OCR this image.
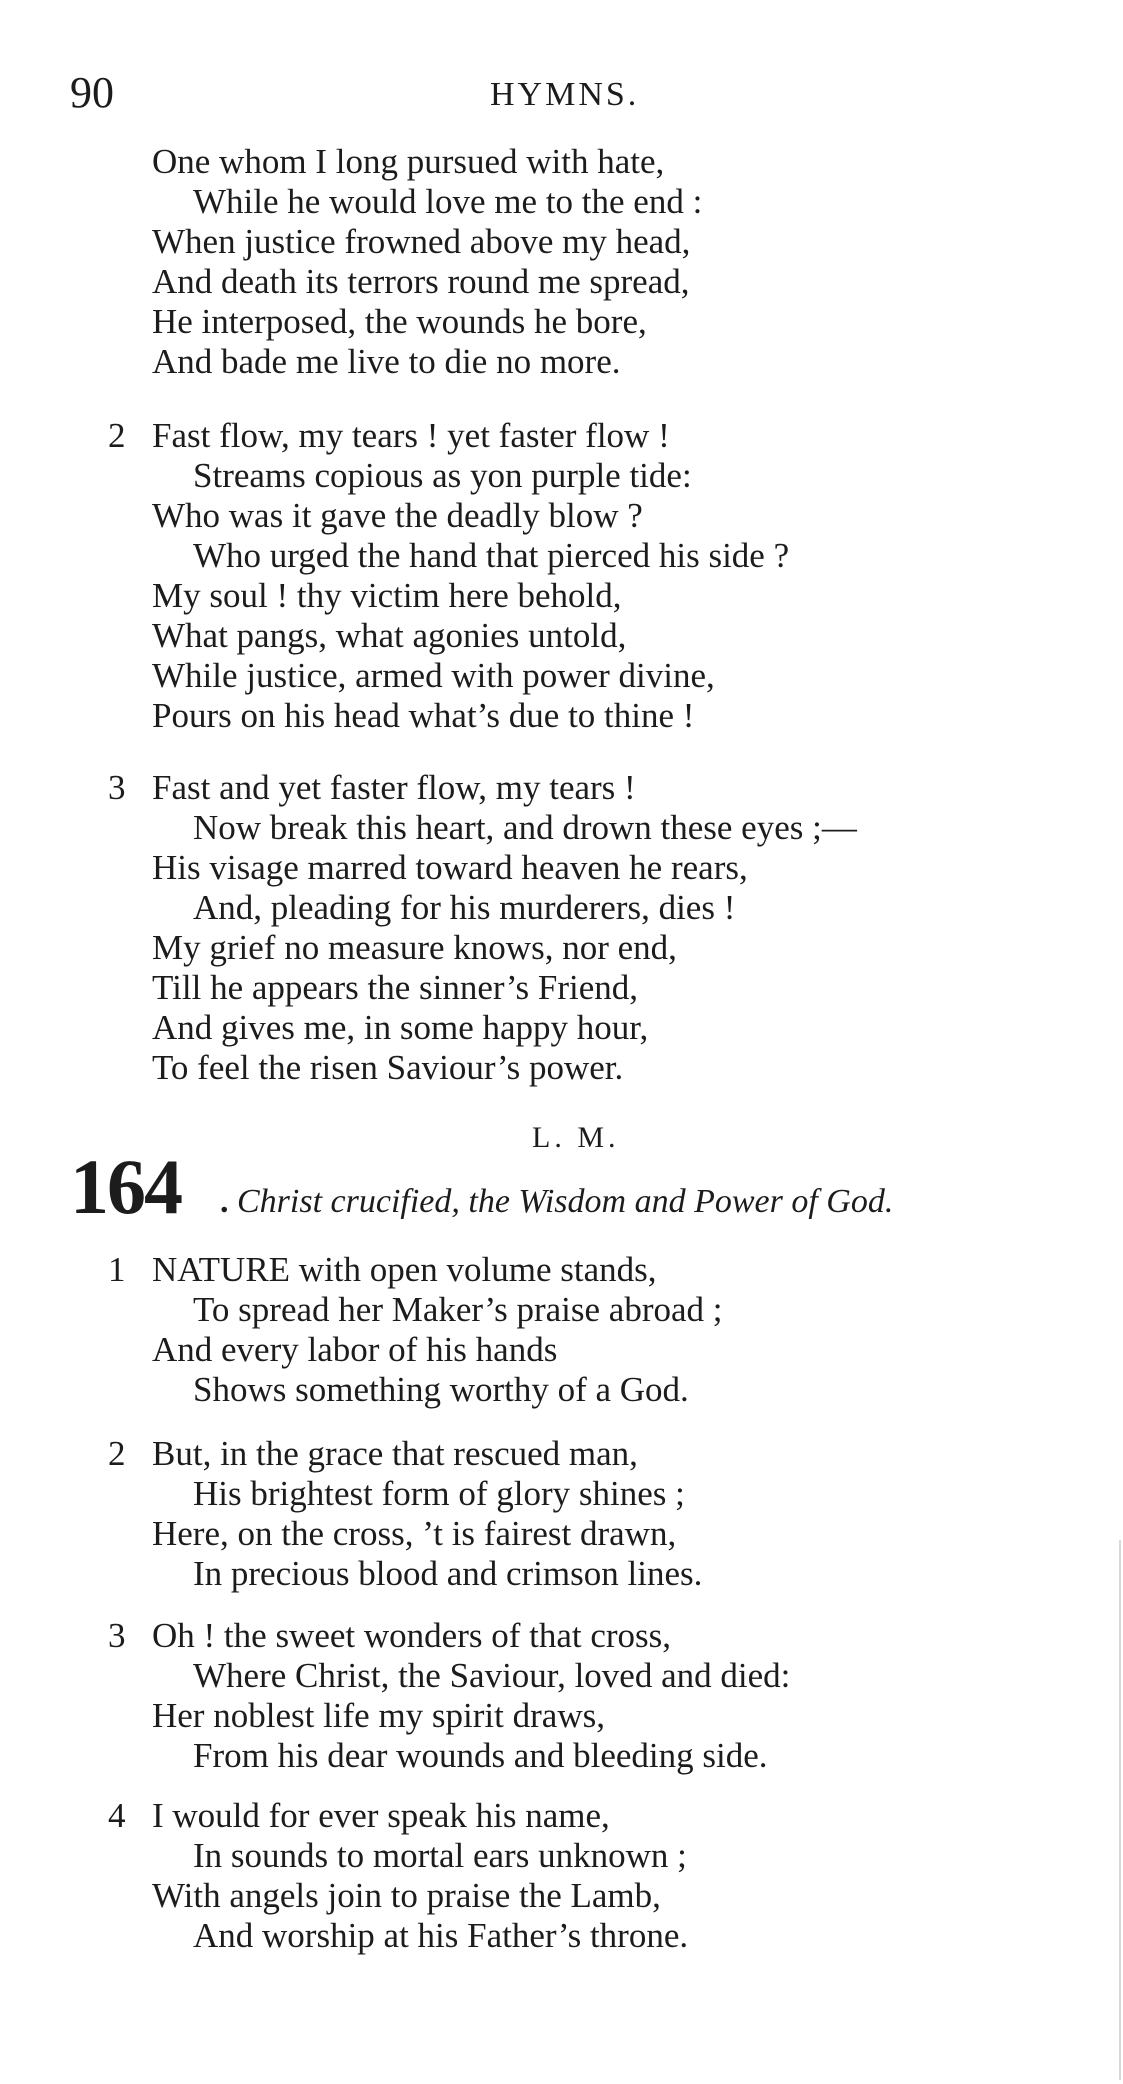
90	HYMNS.
One whom I long pursued with hate,
While he would love me to the end :
When justice frowned above my head,
And death its terrors round me spread,
He interposed, the wounds he bore,
And bade me live to die no more.
2 Fast flow, my tears ! yet faster flow !
Streams copious as yon purple tide:
Who was it gave the deadly blow ?
Who urged the hand that pierced his side ?
My soul ! thy victim here behold,
What pangs, what agonies untold,
While justice, armed with power divine,
Pours on his head what’s due to thine !
3 Fast and yet faster flow, my tears !
Now break this heart, and drown these eyes ;—
His visage marred toward heaven he rears,
And, pleading for his murderers, dies !
My grief no measure knows, nor end,
Till he appears the sinner’s Friend,
And gives me, in some happy hour,
To feel the risen Saviour’s power.
L. M.
164 . Christ crucified, the Wisdom and Power of God.
1 NATURE with open volume stands,
To spread her Maker’s praise abroad ;
And every labor of his hands
Shows something worthy of a God.
2 But, in the grace that rescued man,
His brightest form of glory shines ;
Here, on the cross, ’t is fairest drawn,
In precious blood and crimson lines.
3 Oh ! the sweet wonders of that cross,
Where Christ, the Saviour, loved and died:
Her noblest life my spirit draws,
From his dear wounds and bleeding side.
4 I would for ever speak his name,
In sounds to mortal ears unknown ;
With angels join to praise the Lamb,
And worship at his Father’s throne.
